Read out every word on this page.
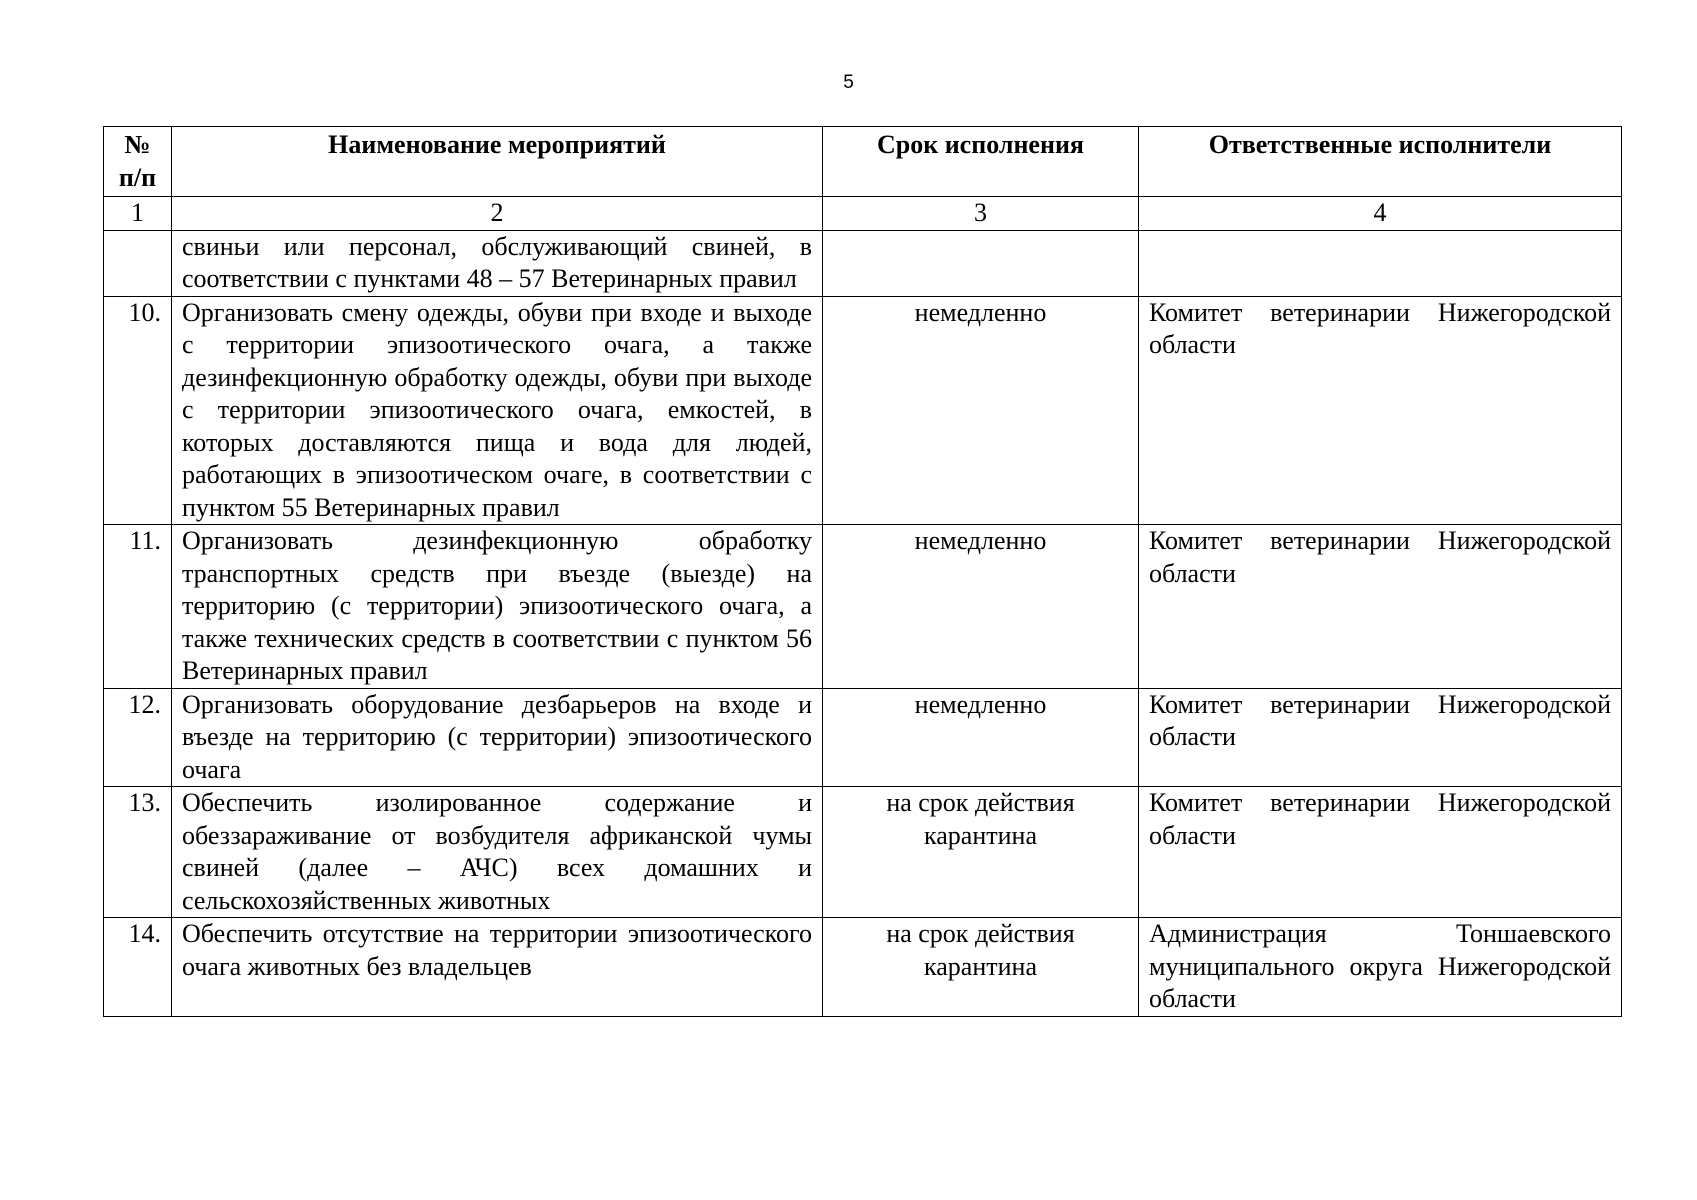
5
№ п/п	Наименование мероприятий	Срок исполнения	Ответственные исполнители
1	2	3	4
	свиньи или персонал, обслуживающий свиней, в соответствии с пунктами 48 – 57 Ветеринарных правил		
10.	Организовать смену одежды, обуви при входе и выходе с территории эпизоотического очага, а также дезинфекционную обработку одежды, обуви при выходе с территории эпизоотического очага, емкостей, в которых доставляются пища и вода для людей, работающих в эпизоотическом очаге, в соответствии с пунктом 55 Ветеринарных правил	немедленно	Комитет ветеринарии Нижегородской области
11.	Организовать дезинфекционную обработку транспортных средств при въезде (выезде) на территорию (с территории) эпизоотического очага, а также технических средств в соответствии с пунктом 56 Ветеринарных правил	немедленно	Комитет ветеринарии Нижегородской области
12.	Организовать оборудование дезбарьеров на входе и въезде на территорию (с территории) эпизоотического очага	немедленно	Комитет ветеринарии Нижегородской области
13.	Обеспечить изолированное содержание и обеззараживание от возбудителя африканской чумы свиней (далее – АЧС) всех домашних и сельскохозяйственных животных	на срок действия карантина	Комитет ветеринарии Нижегородской области
14.	Обеспечить отсутствие на территории эпизоотического очага животных без владельцев	на срок действия карантина	Администрация Тоншаевского муниципального округа Нижегородской области
